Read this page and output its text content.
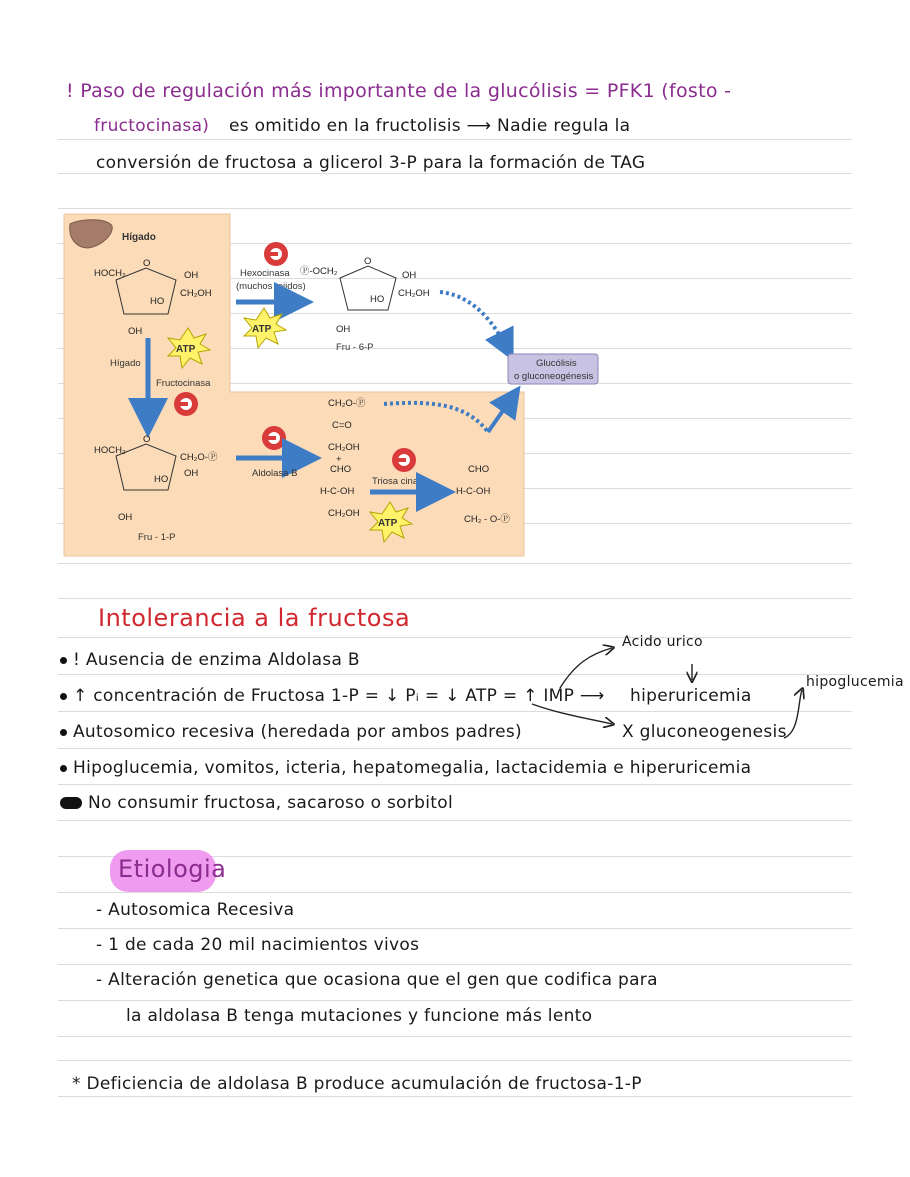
! Paso de regulación más importante de la glucólisis = PFK1 (fosto -
fructocinasa) es omitido en la fructolisis ⟶ Nadie regula la
conversión de fructosa a glicerol 3-P para la formación de TAG
Hígado
HOCH₂
O
OH
CH₂OH
HO
OH
Hígado
ATP
Fructocinasa
HOCH₂
O
CH₂O-Ⓟ
OH
HO
OH
Fru - 1-P
Hexocinasa
(muchos tejidos)
ATP
Ⓟ-OCH₂
O
OH
CH₂OH
HO
OH
Fru - 6-P
Glucólisis
o gluconeogénesis
Aldolasa B
CH₂O-Ⓟ
C=O
CH₂OH
+
CHO
H-C-OH
CH₂OH
Triosa cinasa
ATP
CHO
H-C-OH
CH₂ - O-Ⓟ
Intolerancia a la fructosa
! Ausencia de enzima Aldolasa B
Acido urico
↑ concentración de Fructosa 1-P = ↓ Pᵢ = ↓ ATP = ↑ IMP ⟶ hiperuricemia
hipoglucemia
Autosomico recesiva (heredada por ambos padres)	X gluconeogenesis
Hipoglucemia, vomitos, icteria, hepatomegalia, lactacidemia e hiperuricemia
No consumir fructosa, sacaroso o sorbitol
Etiologia
- Autosomica Recesiva
- 1 de cada 20 mil nacimientos vivos
- Alteración genetica que ocasiona que el gen que codifica para
la aldolasa B tenga mutaciones y funcione más lento
* Deficiencia de aldolasa B produce acumulación de fructosa-1-P
